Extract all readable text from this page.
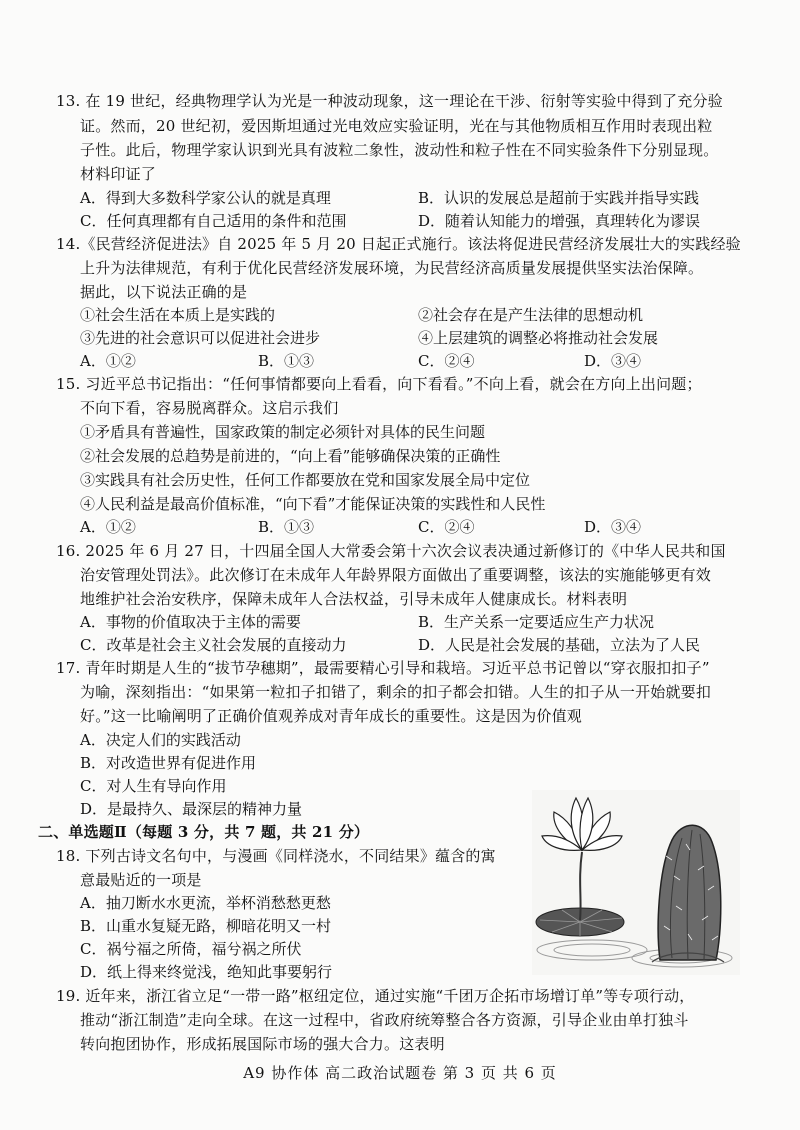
13. 在 19 世纪，经典物理学认为光是一种波动现象，这一理论在干涉、衍射等实验中得到了充分验
证。然而，20 世纪初，爱因斯坦通过光电效应实验证明，光在与其他物质相互作用时表现出粒
子性。此后，物理学家认识到光具有波粒二象性，波动性和粒子性在不同实验条件下分别显现。
材料印证了
A．得到大多数科学家公认的就是真理	B．认识的发展总是超前于实践并指导实践
C．任何真理都有自己适用的条件和范围	D．随着认知能力的增强，真理转化为谬误
14.《民营经济促进法》自 2025 年 5 月 20 日起正式施行。该法将促进民营经济发展壮大的实践经验
上升为法律规范，有利于优化民营经济发展环境，为民营经济高质量发展提供坚实法治保障。
据此，以下说法正确的是
①社会生活在本质上是实践的	②社会存在是产生法律的思想动机
③先进的社会意识可以促进社会进步	④上层建筑的调整必将推动社会发展
A．①②	B．①③	C．②④	D．③④
15. 习近平总书记指出：“任何事情都要向上看看，向下看看。”不向上看，就会在方向上出问题；
不向下看，容易脱离群众。这启示我们
①矛盾具有普遍性，国家政策的制定必须针对具体的民生问题
②社会发展的总趋势是前进的，“向上看”能够确保决策的正确性
③实践具有社会历史性，任何工作都要放在党和国家发展全局中定位
④人民利益是最高价值标准，“向下看”才能保证决策的实践性和人民性
A．①②	B．①③	C．②④	D．③④
16. 2025 年 6 月 27 日，十四届全国人大常委会第十六次会议表决通过新修订的《中华人民共和国
治安管理处罚法》。此次修订在未成年人年龄界限方面做出了重要调整，该法的实施能够更有效
地维护社会治安秩序，保障未成年人合法权益，引导未成年人健康成长。材料表明
A．事物的价值取决于主体的需要	B．生产关系一定要适应生产力状况
C．改革是社会主义社会发展的直接动力	D．人民是社会发展的基础，立法为了人民
17. 青年时期是人生的“拔节孕穗期”，最需要精心引导和栽培。习近平总书记曾以“穿衣服扣扣子”
为喻，深刻指出：“如果第一粒扣子扣错了，剩余的扣子都会扣错。人生的扣子从一开始就要扣
好。”这一比喻阐明了正确价值观养成对青年成长的重要性。这是因为价值观
A．决定人们的实践活动
B．对改造世界有促进作用
C．对人生有导向作用
D．是最持久、最深层的精神力量
二、单选题Ⅱ（每题 3 分，共 7 题，共 21 分）
18. 下列古诗文名句中，与漫画《同样浇水，不同结果》蕴含的寓
意最贴近的一项是
A．抽刀断水水更流，举杯消愁愁更愁
B．山重水复疑无路，柳暗花明又一村
C．祸兮福之所倚，福兮祸之所伏
D．纸上得来终觉浅，绝知此事要躬行
19. 近年来，浙江省立足“一带一路”枢纽定位，通过实施“千团万企拓市场增订单”等专项行动，
推动“浙江制造”走向全球。在这一过程中，省政府统筹整合各方资源，引导企业由单打独斗
转向抱团协作，形成拓展国际市场的强大合力。这表明
A9 协作体 高二政治试题卷 第 3 页 共 6 页
